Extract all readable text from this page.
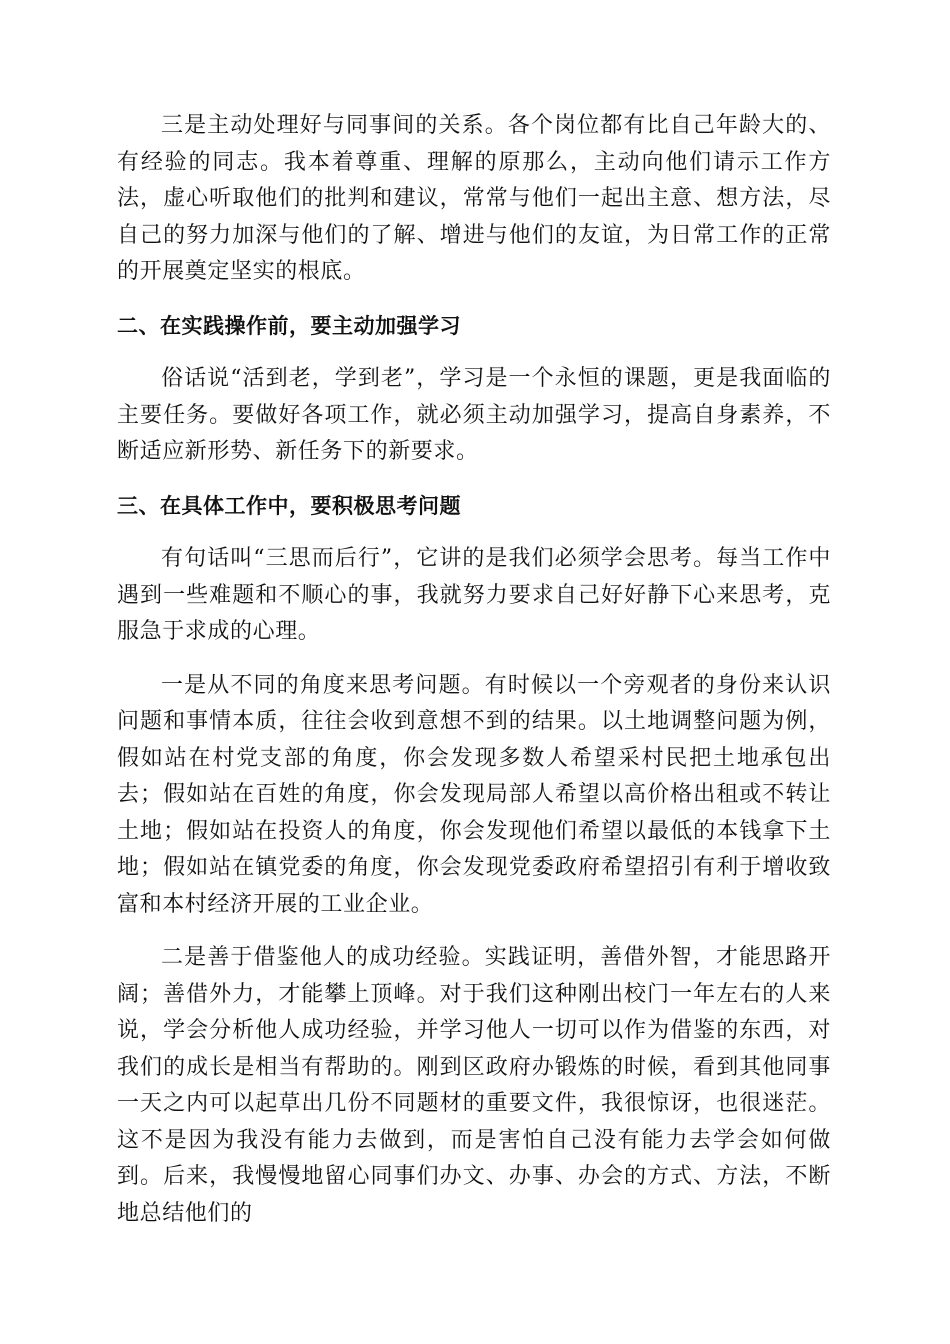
三是主动处理好与同事间的关系。各个岗位都有比自己年龄大的、有经验的同志。我本着尊重、理解的原那么，主动向他们请示工作方法，虚心听取他们的批判和建议，常常与他们一起出主意、想方法，尽自己的努力加深与他们的了解、增进与他们的友谊，为日常工作的正常的开展奠定坚实的根底。

二、在实践操作前，要主动加强学习

俗话说“活到老，学到老”，学习是一个永恒的课题，更是我面临的主要任务。要做好各项工作，就必须主动加强学习，提高自身素养，不断适应新形势、新任务下的新要求。

三、在具体工作中，要积极思考问题

有句话叫“三思而后行”，它讲的是我们必须学会思考。每当工作中遇到一些难题和不顺心的事，我就努力要求自己好好静下心来思考，克服急于求成的心理。

一是从不同的角度来思考问题。有时候以一个旁观者的身份来认识问题和事情本质，往往会收到意想不到的结果。以土地调整问题为例，假如站在村党支部的角度，你会发现多数人希望采村民把土地承包出去；假如站在百姓的角度，你会发现局部人希望以高价格出租或不转让土地；假如站在投资人的角度，你会发现他们希望以最低的本钱拿下土地；假如站在镇党委的角度，你会发现党委政府希望招引有利于增收致富和本村经济开展的工业企业。

二是善于借鉴他人的成功经验。实践证明，善借外智，才能思路开阔；善借外力，才能攀上顶峰。对于我们这种刚出校门一年左右的人来说，学会分析他人成功经验，并学习他人一切可以作为借鉴的东西，对我们的成长是相当有帮助的。刚到区政府办锻炼的时候，看到其他同事一天之内可以起草出几份不同题材的重要文件，我很惊讶，也很迷茫。这不是因为我没有能力去做到，而是害怕自己没有能力去学会如何做到。后来，我慢慢地留心同事们办文、办事、办会的方式、方法，不断地总结他们的
